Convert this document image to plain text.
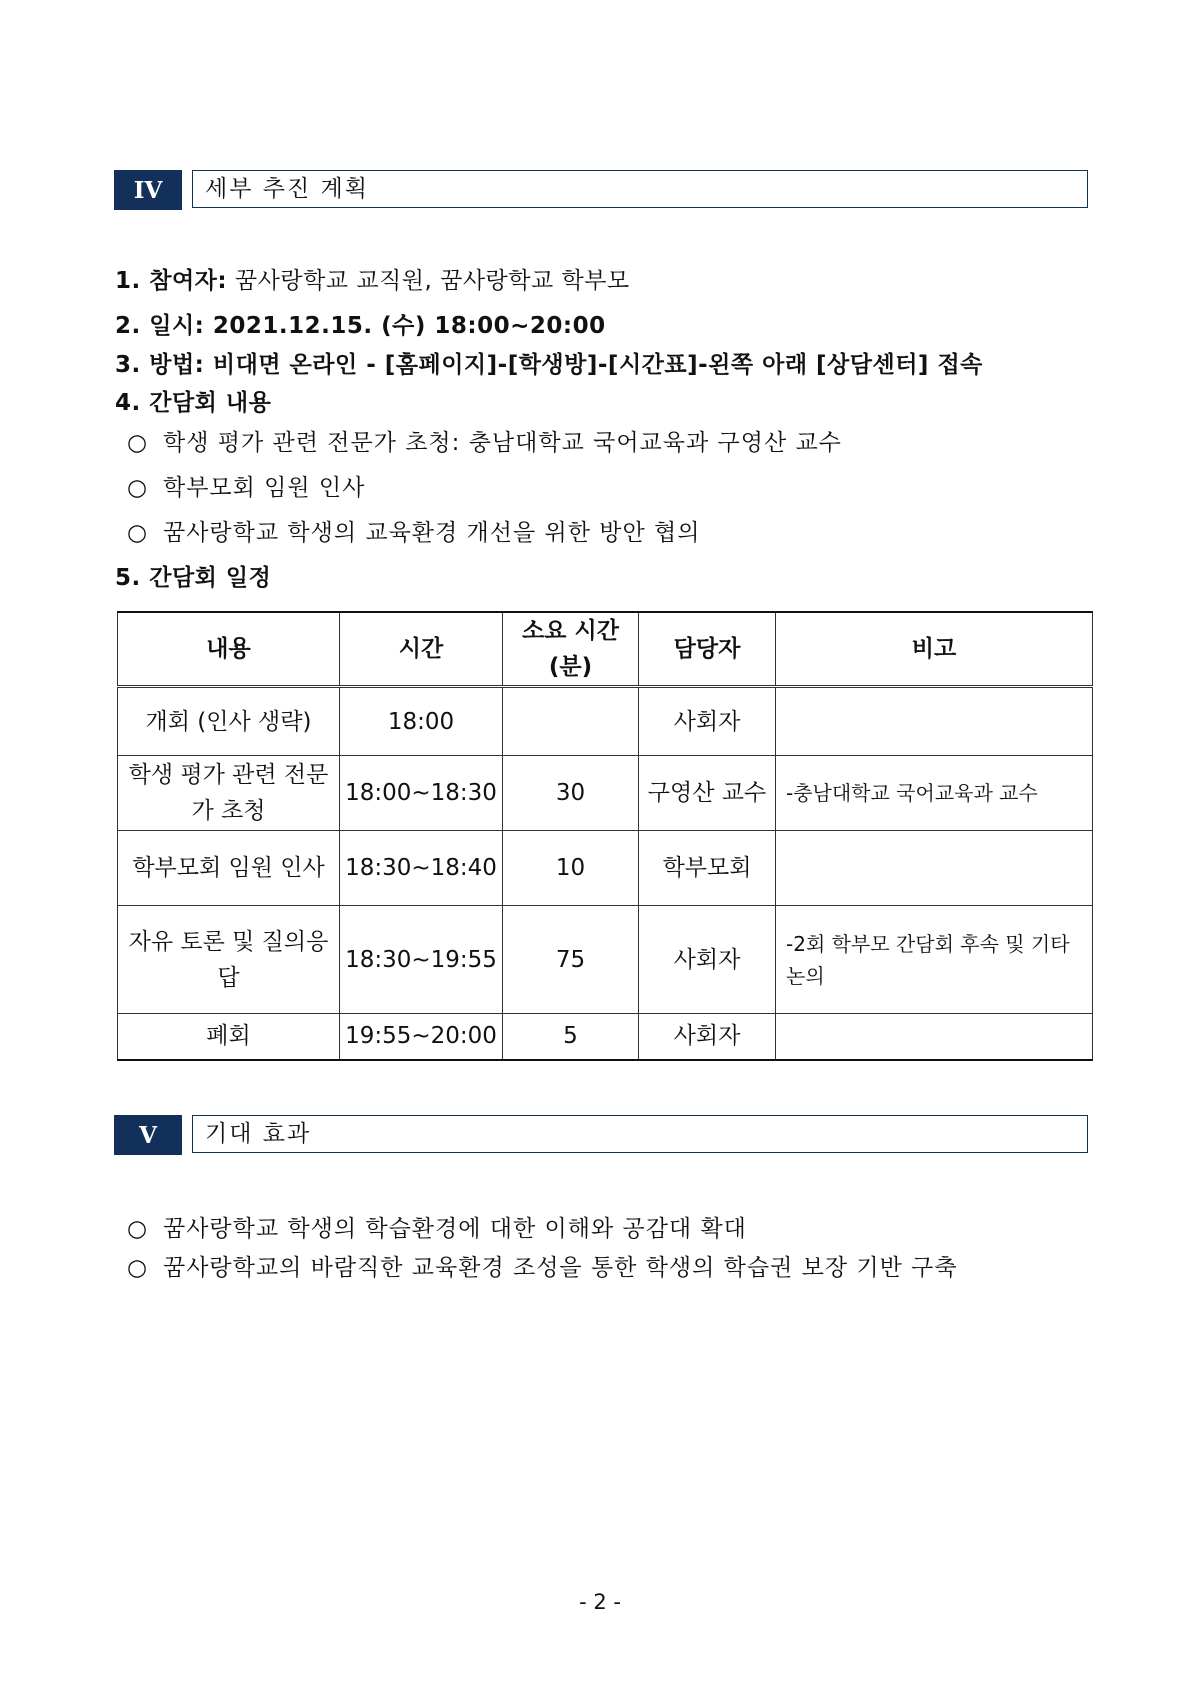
IV	세부 추진 계획
1. 참여자: 꿈사랑학교 교직원, 꿈사랑학교 학부모
2. 일시: 2021.12.15. (수) 18:00~20:00
3. 방법: 비대면 온라인 - [홈페이지]-[학생방]-[시간표]-왼쪽 아래 [상담센터] 접속
4. 간담회 내용
○ 학생 평가 관련 전문가 초청: 충남대학교 국어교육과 구영산 교수
○ 학부모회 임원 인사
○ 꿈사랑학교 학생의 교육환경 개선을 위한 방안 협의
5. 간담회 일정
내용	시간	소요 시간 (분)	담당자	비고
개회 (인사 생략)	18:00		사회자	
학생 평가 관련 전문가 초청	18:00~18:30	30	구영산 교수	-충남대학교 국어교육과 교수
학부모회 임원 인사	18:30~18:40	10	학부모회	
자유 토론 및 질의응답	18:30~19:55	75	사회자	-2회 학부모 간담회 후속 및 기타 논의
폐회	19:55~20:00	5	사회자	
V	기대 효과
○ 꿈사랑학교 학생의 학습환경에 대한 이해와 공감대 확대
○ 꿈사랑학교의 바람직한 교육환경 조성을 통한 학생의 학습권 보장 기반 구축
- 2 -
